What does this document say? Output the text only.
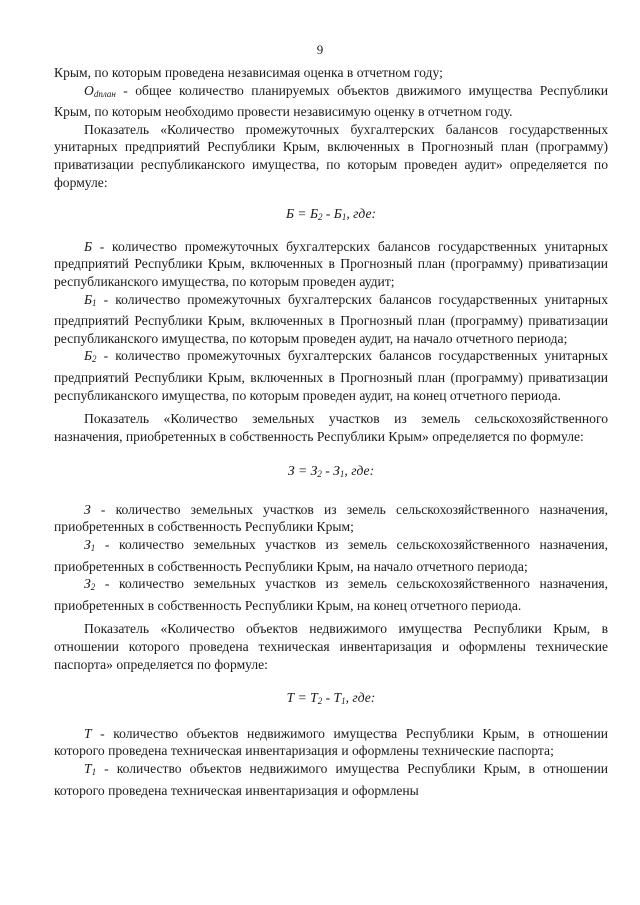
9

Крым, по которым проведена независимая оценка в отчетном году;

$О_{dплан}$ - общее количество планируемых объектов движимого имущества Республики Крым, по которым необходимо провести независимую оценку в отчетном году.

Показатель «Количество промежуточных бухгалтерских балансов государственных унитарных предприятий Республики Крым, включенных в Прогнозный план (программу) приватизации республиканского имущества, по которым проведен аудит» определяется по формуле:

$Б = Б_2 - Б_1$, где:

Б - количество промежуточных бухгалтерских балансов государственных унитарных предприятий Республики Крым, включенных в Прогнозный план (программу) приватизации республиканского имущества, по которым проведен аудит;

$Б_1$ - количество промежуточных бухгалтерских балансов государственных унитарных предприятий Республики Крым, включенных в Прогнозный план (программу) приватизации республиканского имущества, по которым проведен аудит, на начало отчетного периода;

$Б_2$ - количество промежуточных бухгалтерских балансов государственных унитарных предприятий Республики Крым, включенных в Прогнозный план (программу) приватизации республиканского имущества, по которым проведен аудит, на конец отчетного периода.

Показатель «Количество земельных участков из земель сельскохозяйственного назначения, приобретенных в собственность Республики Крым» определяется по формуле:

$З = З_2 - З_1$, где:

З - количество земельных участков из земель сельскохозяйственного назначения, приобретенных в собственность Республики Крым;

$З_1$ - количество земельных участков из земель сельскохозяйственного назначения, приобретенных в собственность Республики Крым, на начало отчетного периода;

$З_2$ - количество земельных участков из земель сельскохозяйственного назначения, приобретенных в собственность Республики Крым, на конец отчетного периода.

Показатель «Количество объектов недвижимого имущества Республики Крым, в отношении которого проведена техническая инвентаризация и оформлены технические паспорта» определяется по формуле:

$Т = Т_2 - Т_1$, где:

Т - количество объектов недвижимого имущества Республики Крым, в отношении которого проведена техническая инвентаризация и оформлены технические паспорта;

$Т_1$ - количество объектов недвижимого имущества Республики Крым, в отношении которого проведена техническая инвентаризация и оформлены
